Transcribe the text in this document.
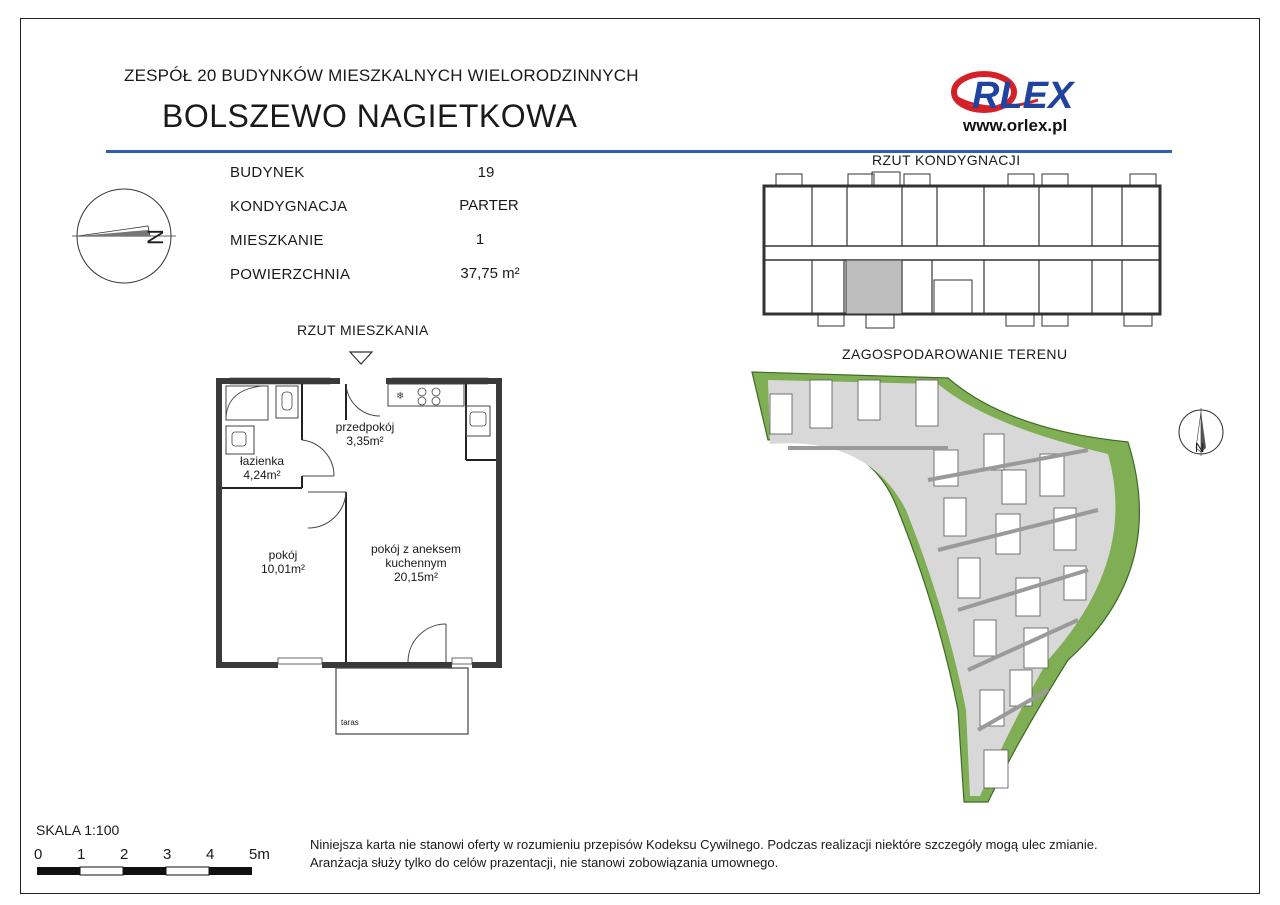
ZESPÓŁ 20 BUDYNKÓW MIESZKALNYCH WIELORODZINNYCH
BOLSZEWO NAGIETKOWA	RLEX
www.orlex.pl
N
BUDYNEK	19
KONDYGNACJA	PARTER
MIESZKANIE	1
POWIERZCHNIA	37,75 m²
RZUT MIESZKANIA
❄
przedpokój
3,35m²
łazienka
4,24m²
pokój
10,01m²
pokój z aneksem
kuchennym
20,15m²
taras
RZUT KONDYGNACJI
ZAGOSPODAROWANIE TERENU
N
SKALA 1:100
0 1 2 3 4 5m
Niniejsza karta nie stanowi oferty w rozumieniu przepisów Kodeksu Cywilnego. Podczas realizacji niektóre szczegóły mogą ulec zmianie.
Aranżacja służy tylko do celów prazentacji, nie stanowi zobowiązania umownego.
